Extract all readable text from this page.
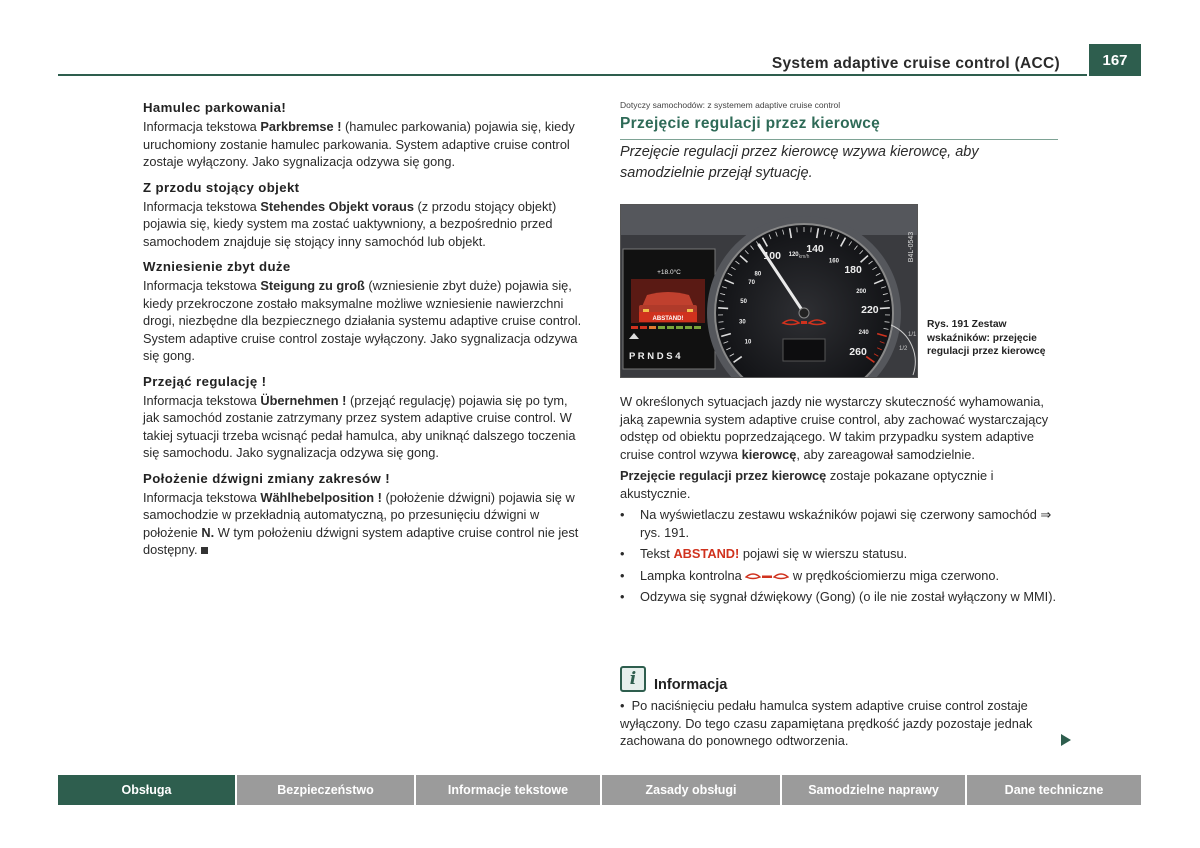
System adaptive cruise control (ACC)	167
Hamulec parkowania!

Informacja tekstowa Parkbremse ! (hamulec parkowania) pojawia się, kiedy uruchomiony zostanie hamulec parkowania. System adaptive cruise control zostaje wyłączony. Jako sygnalizacja odzywa się gong.

Z przodu stojący objekt

Informacja tekstowa Stehendes Objekt voraus (z przodu stojący objekt) pojawia się, kiedy system ma zostać uaktywniony, a bezpośrednio przed samochodem znajduje się stojący inny samochód lub objekt.

Wzniesienie zbyt duże

Informacja tekstowa Steigung zu groß (wzniesienie zbyt duże) pojawia się, kiedy przekroczone zostało maksymalne możliwe wzniesienie nawierzchni drogi, niezbędne dla bezpiecznego działania systemu adaptive cruise control. System adaptive cruise control zostaje wyłączony. Jako sygnalizacja odzywa się gong.

Przejąć regulację !

Informacja tekstowa Übernehmen ! (przejąć regulację) pojawia się po tym, jak samochód zostanie zatrzymany przez system adaptive cruise control. W takiej sytuacji trzeba wcisnąć pedał hamulca, aby uniknąć dalszego toczenia się samochodu. Jako sygnalizacja odzywa się gong.

Położenie dźwigni zmiany zakresów !

Informacja tekstowa Wählhebelposition ! (położenie dźwigni) pojawia się w samochodzie w przekładnią automatyczną, po przesunięciu dźwigni w położenie N. W tym położeniu dźwigni system adaptive cruise control nie jest dostępny.

Dotyczy samochodów: z systemem adaptive cruise control
Przejęcie regulacji przez kierowcę
Przejęcie regulacji przez kierowcę wzywa kierowcę, aby samodzielnie przejął sytuację.
+18.0°C
ABSTAND!
P R N D S 4
10
30
50
70
80
100 120 140
160
180
200
220
240
260
km/h
1/2
1/1
B4L-0543
Rys. 191 Zestaw wskaźników: przejęcie regulacji przez kierowcę

W określonych sytuacjach jazdy nie wystarczy skuteczność wyhamowania, jaką zapewnia system adaptive cruise control, aby zachować wystarczający odstęp od obiektu poprzedzającego. W takim przypadku system adaptive cruise control wzywa kierowcę, aby zareagował samodzielnie.

Przejęcie regulacji przez kierowcę zostaje pokazane optycznie i akustycznie.

•	Na wyświetlaczu zestawu wskaźników pojawi się czerwony samochód ⇒ rys. 191.
•	Tekst ABSTAND! pojawi się w wierszu statusu.
•	Lampka kontrolna	w prędkościomierzu miga czerwono.
•	Odzywa się sygnał dźwiękowy (Gong) (o ile nie został wyłączony w MMI).
i Informacja
•  Po naciśnięciu pedału hamulca system adaptive cruise control zostaje wyłączony. Do tego czasu zapamiętana prędkość jazdy pozostaje jednak zachowana do ponownego odtworzenia.
Obsługa	Bezpieczeństwo	Informacje tekstowe	Zasady obsługi	Samodzielne naprawy	Dane techniczne
